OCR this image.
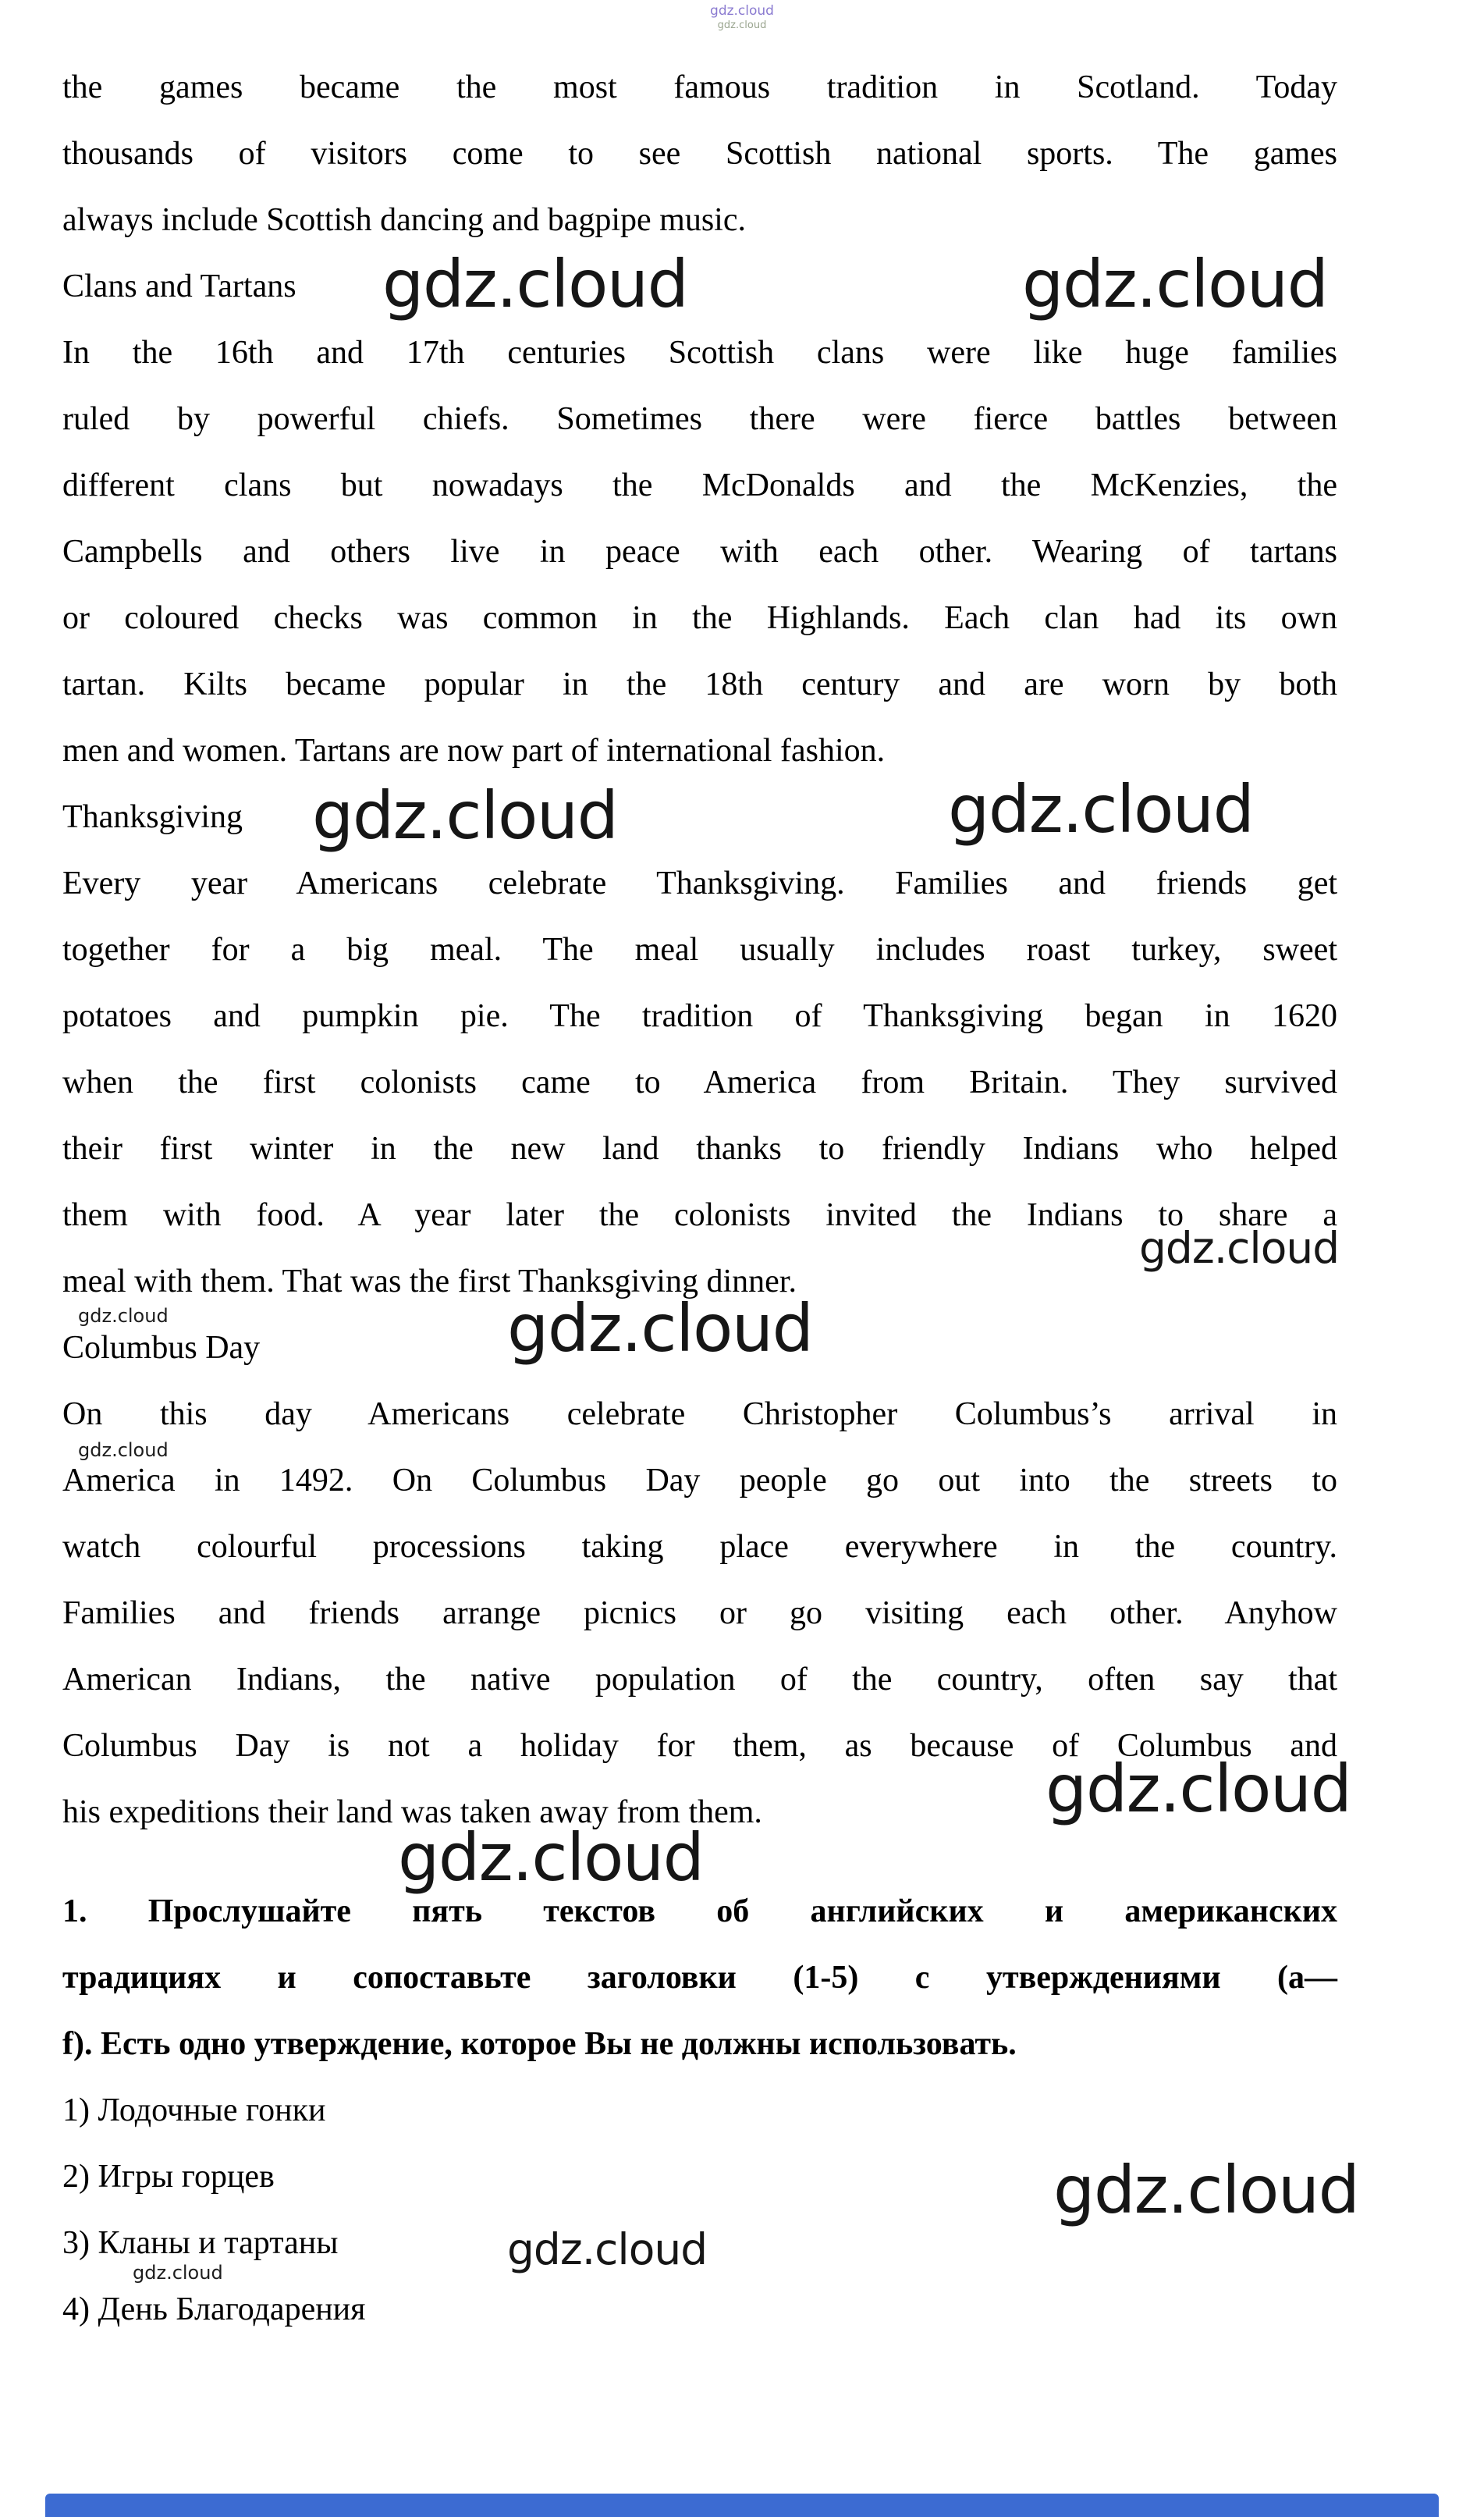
gdz.cloud
gdz.cloud
gdz.cloud	gdz.cloud
gdz.cloud	gdz.cloud
gdz.cloud
gdz.cloud	gdz.cloud
gdz.cloud
gdz.cloud
gdz.cloud
gdz.cloud
gdz.cloud
gdz.cloud
the games became the most famous tradition in Scotland. Today
thousands of visitors come to see Scottish national sports. The games
always include Scottish dancing and bagpipe music.
Clans and Tartans
In the 16th and 17th centuries Scottish clans were like huge families
ruled by powerful chiefs. Sometimes there were fierce battles between
different clans but nowadays the McDonalds and the McKenzies, the
Campbells and others live in peace with each other. Wearing of tartans
or coloured checks was common in the Highlands. Each clan had its own
tartan. Kilts became popular in the 18th century and are worn by both
men and women. Tartans are now part of international fashion.
Thanksgiving
Every year Americans celebrate Thanksgiving. Families and friends get
together for a big meal. The meal usually includes roast turkey, sweet
potatoes and pumpkin pie. The tradition of Thanksgiving began in 1620
when the first colonists came to America from Britain. They survived
their first winter in the new land thanks to friendly Indians who helped
them with food. A year later the colonists invited the Indians to share a
meal with them. That was the first Thanksgiving dinner.
Columbus Day
On this day Americans celebrate Christopher Columbus’s arrival in
America in 1492. On Columbus Day people go out into the streets to
watch colourful processions taking place everywhere in the country.
Families and friends arrange picnics or go visiting each other. Anyhow
American Indians, the native population of the country, often say that
Columbus Day is not a holiday for them, as because of Columbus and
his expeditions their land was taken away from them.
1. Прослушайте пять текстов об английских и американских
традициях и сопоставьте заголовки (1-5) с утверждениями (а—
f). Есть одно утверждение, которое Вы не должны использовать.
1) Лодочные гонки
2) Игры горцев
3) Кланы и тартаны
4) День Благодарения
